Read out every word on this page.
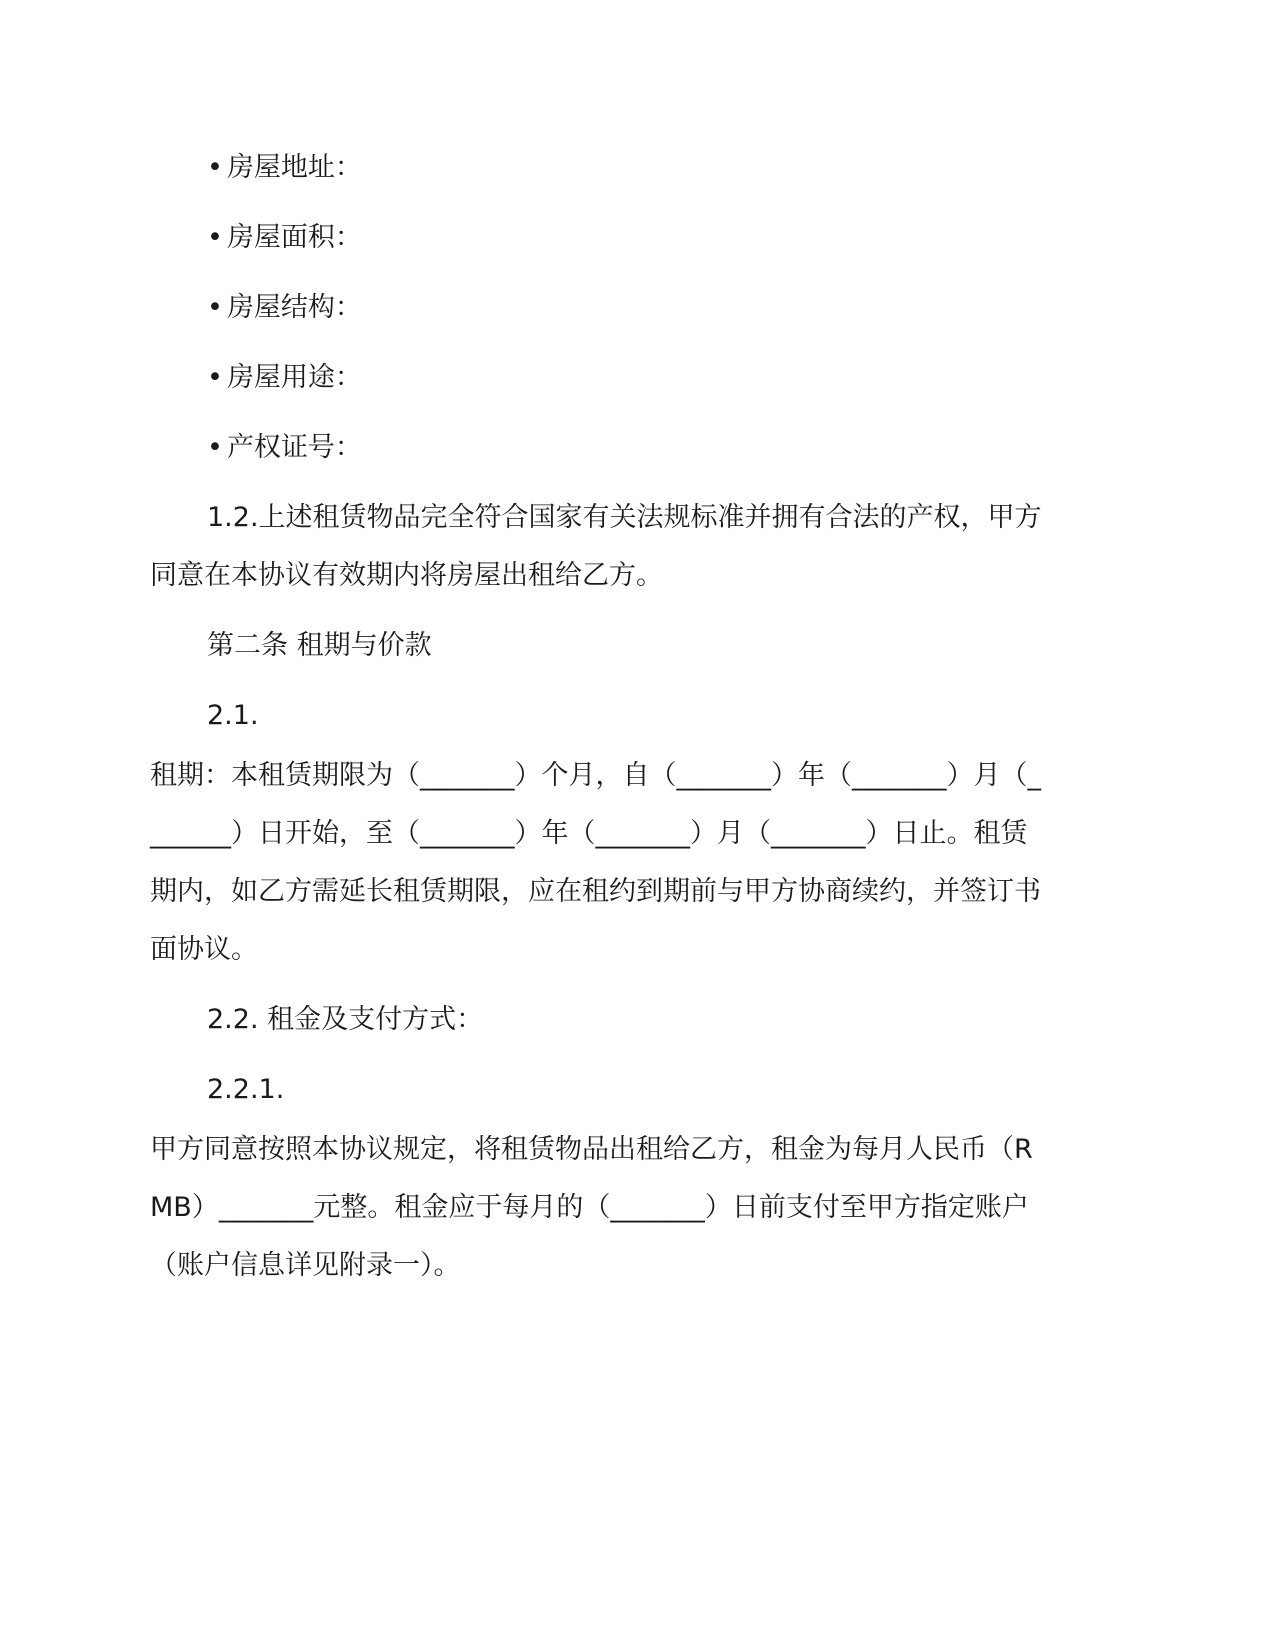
• 房屋地址：
• 房屋面积：
• 房屋结构：
• 房屋用途：
• 产权证号：
1.2.上述租赁物品完全符合国家有关法规标准并拥有合法的产权，甲方
同意在本协议有效期内将房屋出租给乙方。
第二条 租期与价款
2.1.
租期：本租赁期限为（_______）个月，自（_______）年（_______）月（_
______）日开始，至（_______）年（_______）月（_______）日止。租赁
期内，如乙方需延长租赁期限，应在租约到期前与甲方协商续约，并签订书
面协议。
2.2. 租金及支付方式：
2.2.1.
甲方同意按照本协议规定，将租赁物品出租给乙方，租金为每月人民币（R
MB）_______元整。租金应于每月的（_______）日前支付至甲方指定账户
（账户信息详见附录一）。
